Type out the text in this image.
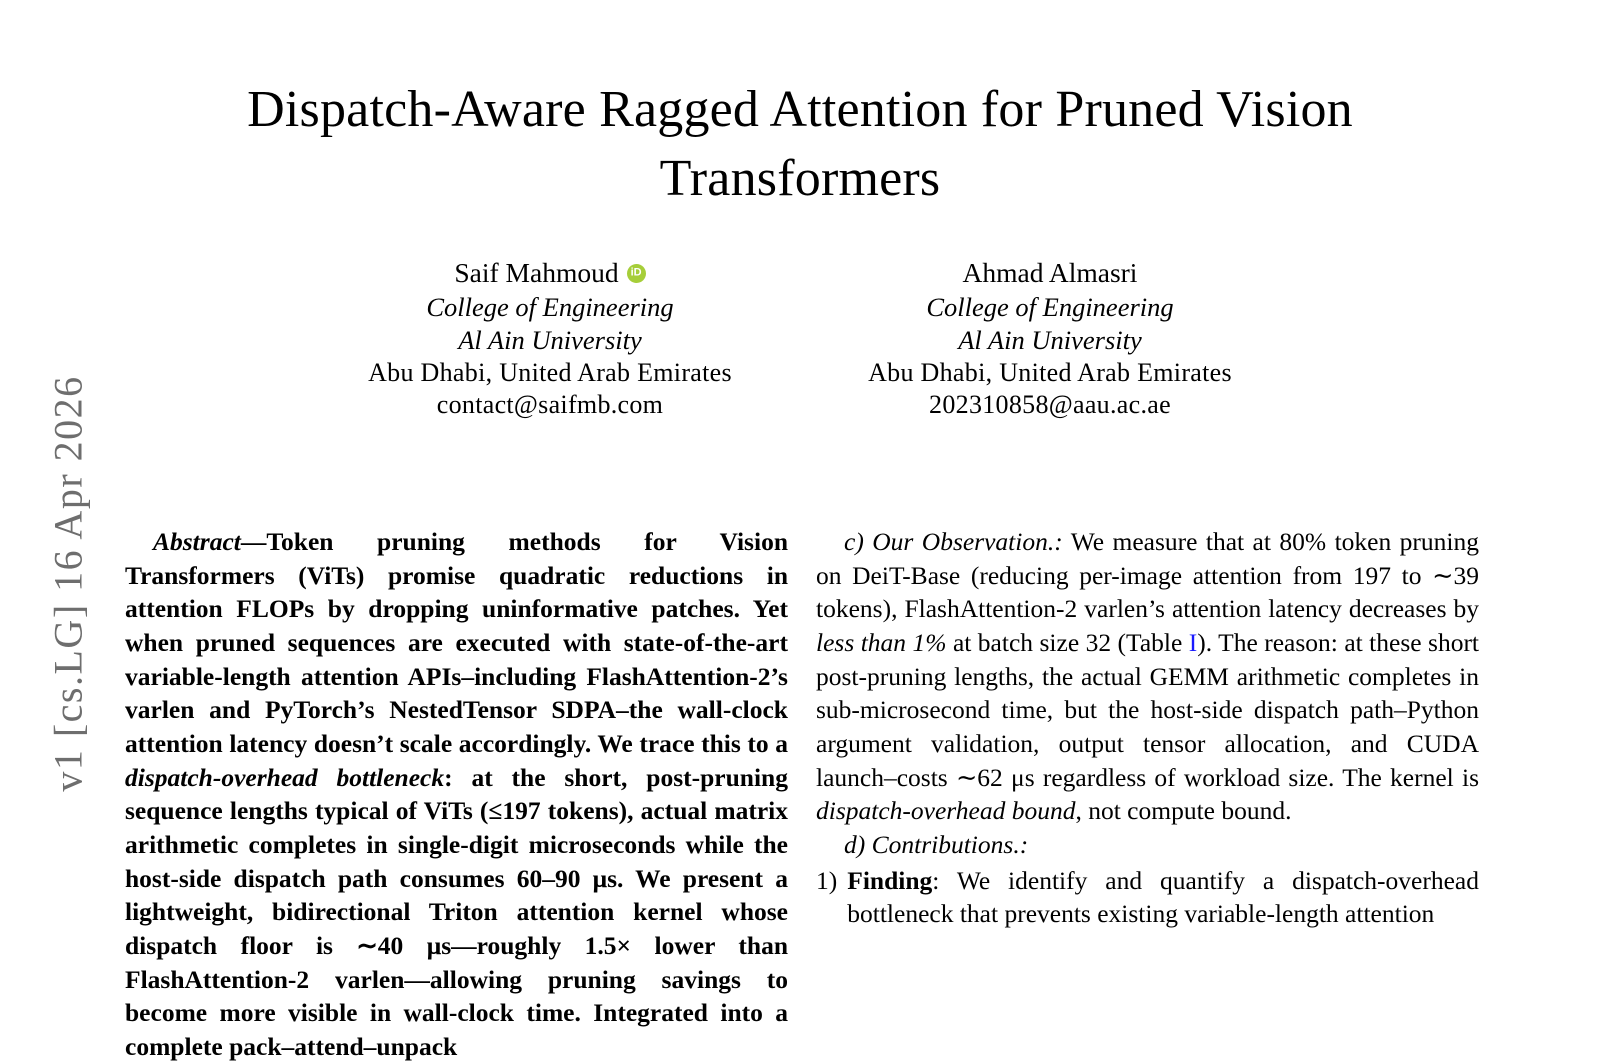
v1 [cs.LG] 16 Apr 2026
Dispatch-Aware Ragged Attention for Pruned Vision Transformers
Saif Mahmoud
iD
College of Engineering
Al Ain University
Abu Dhabi, United Arab Emirates
contact@saifmb.com
Ahmad Almasri
College of Engineering
Al Ain University
Abu Dhabi, United Arab Emirates
202310858@aau.ac.ae

Abstract—Token pruning methods for Vision Transformers (ViTs) promise quadratic reductions in attention FLOPs by dropping uninformative patches. Yet when pruned sequences are executed with state-of-the-art variable-length attention APIs–including FlashAttention-2’s varlen and PyTorch’s NestedTensor SDPA–the wall-clock attention latency doesn’t scale accordingly. We trace this to a dispatch-overhead bottleneck: at the short, post-pruning sequence lengths typical of ViTs (≤197 tokens), actual matrix arithmetic completes in single-digit microseconds while the host-side dispatch path consumes 60–90 μs. We present a lightweight, bidirectional Triton attention kernel whose dispatch floor is ∼40 μs—roughly 1.5× lower than FlashAttention-2 varlen—allowing pruning savings to become more visible in wall-clock time. Integrated into a complete pack–attend–unpack

c) Our Observation.: We measure that at 80% token pruning on DeiT-Base (reducing per-image attention from 197 to ∼39 tokens), FlashAttention-2 varlen’s attention latency decreases by less than 1% at batch size 32 (Table I). The reason: at these short post-pruning lengths, the actual GEMM arithmetic completes in sub-microsecond time, but the host-side dispatch path–Python argument validation, output tensor allocation, and CUDA launch–costs ∼62 μs regardless of workload size. The kernel is dispatch-overhead bound, not compute bound.

d) Contributions.:

1) Finding: We identify and quantify a dispatch-overhead bottleneck that prevents existing variable-length attention
